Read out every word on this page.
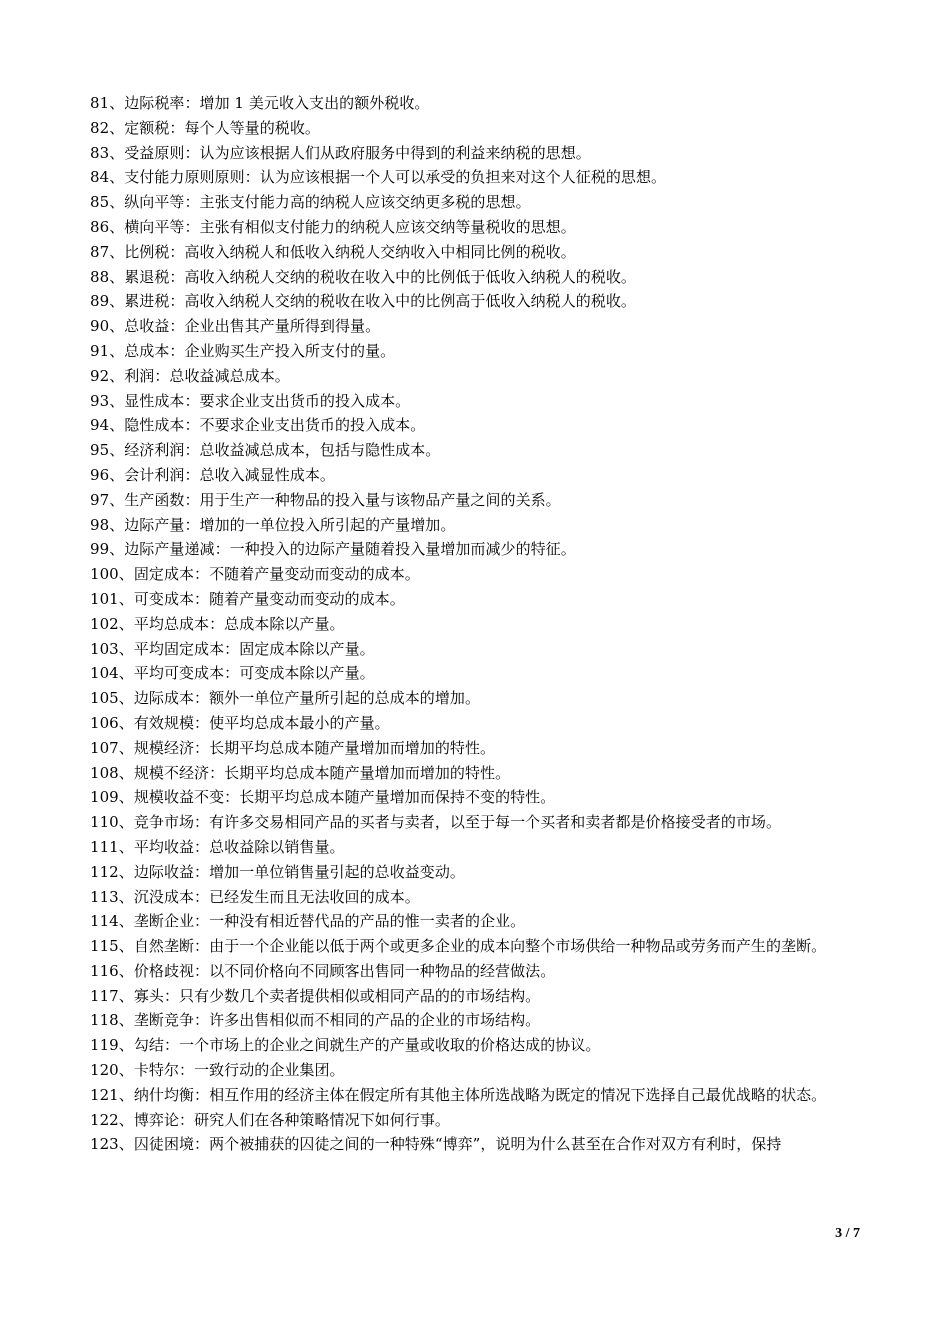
81、边际税率：增加 1 美元收入支出的额外税收。
82、定额税：每个人等量的税收。
83、受益原则：认为应该根据人们从政府服务中得到的利益来纳税的思想。
84、支付能力原则原则：认为应该根据一个人可以承受的负担来对这个人征税的思想。
85、纵向平等：主张支付能力高的纳税人应该交纳更多税的思想。
86、横向平等：主张有相似支付能力的纳税人应该交纳等量税收的思想。
87、比例税：高收入纳税人和低收入纳税人交纳收入中相同比例的税收。
88、累退税：高收入纳税人交纳的税收在收入中的比例低于低收入纳税人的税收。
89、累进税：高收入纳税人交纳的税收在收入中的比例高于低收入纳税人的税收。
90、总收益：企业出售其产量所得到得量。
91、总成本：企业购买生产投入所支付的量。
92、利润：总收益减总成本。
93、显性成本：要求企业支出货币的投入成本。
94、隐性成本：不要求企业支出货币的投入成本。
95、经济利润：总收益减总成本，包括与隐性成本。
96、会计利润：总收入减显性成本。
97、生产函数：用于生产一种物品的投入量与该物品产量之间的关系。
98、边际产量：增加的一单位投入所引起的产量增加。
99、边际产量递减：一种投入的边际产量随着投入量增加而减少的特征。
100、固定成本：不随着产量变动而变动的成本。
101、可变成本：随着产量变动而变动的成本。
102、平均总成本：总成本除以产量。
103、平均固定成本：固定成本除以产量。
104、平均可变成本：可变成本除以产量。
105、边际成本：额外一单位产量所引起的总成本的增加。
106、有效规模：使平均总成本最小的产量。
107、规模经济：长期平均总成本随产量增加而增加的特性。
108、规模不经济：长期平均总成本随产量增加而增加的特性。
109、规模收益不变：长期平均总成本随产量增加而保持不变的特性。
110、竞争市场：有许多交易相同产品的买者与卖者，以至于每一个买者和卖者都是价格接受者的市场。
111、平均收益：总收益除以销售量。
112、边际收益：增加一单位销售量引起的总收益变动。
113、沉没成本：已经发生而且无法收回的成本。
114、垄断企业：一种没有相近替代品的产品的惟一卖者的企业。
115、自然垄断：由于一个企业能以低于两个或更多企业的成本向整个市场供给一种物品或劳务而产生的垄断。
116、价格歧视：以不同价格向不同顾客出售同一种物品的经营做法。
117、寡头：只有少数几个卖者提供相似或相同产品的的市场结构。
118、垄断竞争：许多出售相似而不相同的产品的企业的市场结构。
119、勾结：一个市场上的企业之间就生产的产量或收取的价格达成的协议。
120、卡特尔：一致行动的企业集团。
121、纳什均衡：相互作用的经济主体在假定所有其他主体所选战略为既定的情况下选择自己最优战略的状态。
122、博弈论：研究人们在各种策略情况下如何行事。
123、囚徒困境：两个被捕获的囚徒之间的一种特殊“博弈”，说明为什么甚至在合作对双方有利时，保持
3 / 7
